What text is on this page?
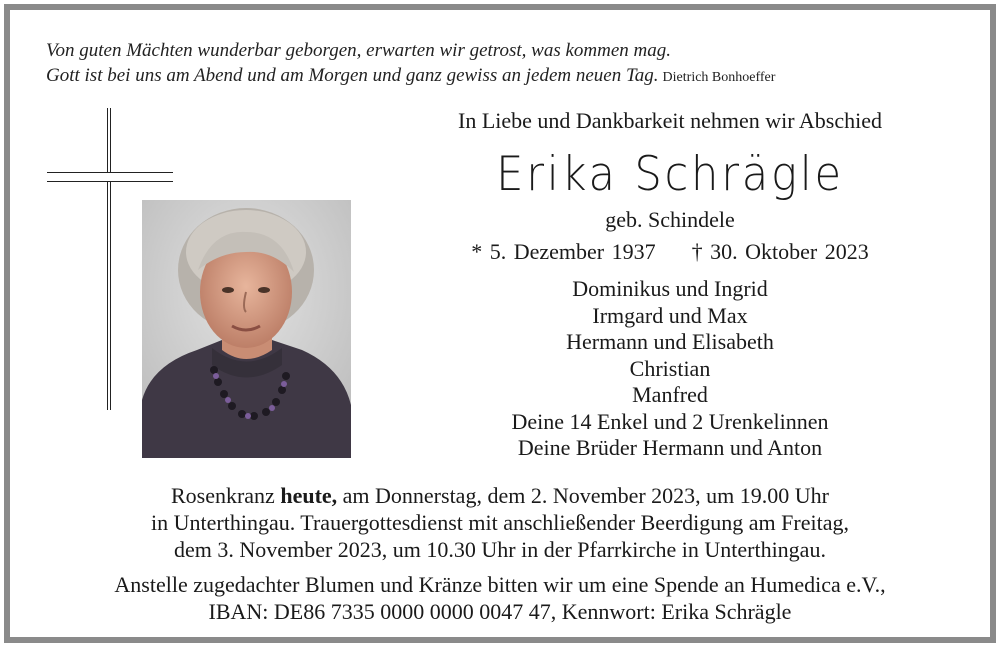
Von guten Mächten wunderbar geborgen, erwarten wir getrost, was kommen mag.
Gott ist bei uns am Abend und am Morgen und ganz gewiss an jedem neuen Tag. Dietrich Bonhoeffer
In Liebe und Dankbarkeit nehmen wir Abschied
Erika Schrägle
geb. Schindele
* 5. Dezember 1937 † 30. Oktober 2023
Dominikus und Ingrid
Irmgard und Max
Hermann und Elisabeth
Christian
Manfred
Deine 14 Enkel und 2 Urenkelinnen
Deine Brüder Hermann und Anton
Rosenkranz heute, am Donnerstag, dem 2. November 2023, um 19.00 Uhr
in Unterthingau. Trauergottesdienst mit anschließender Beerdigung am Freitag,
dem 3. November 2023, um 10.30 Uhr in der Pfarrkirche in Unterthingau.
Anstelle zugedachter Blumen und Kränze bitten wir um eine Spende an Humedica e.V.,
IBAN: DE86 7335 0000 0000 0047 47, Kennwort: Erika Schrägle
